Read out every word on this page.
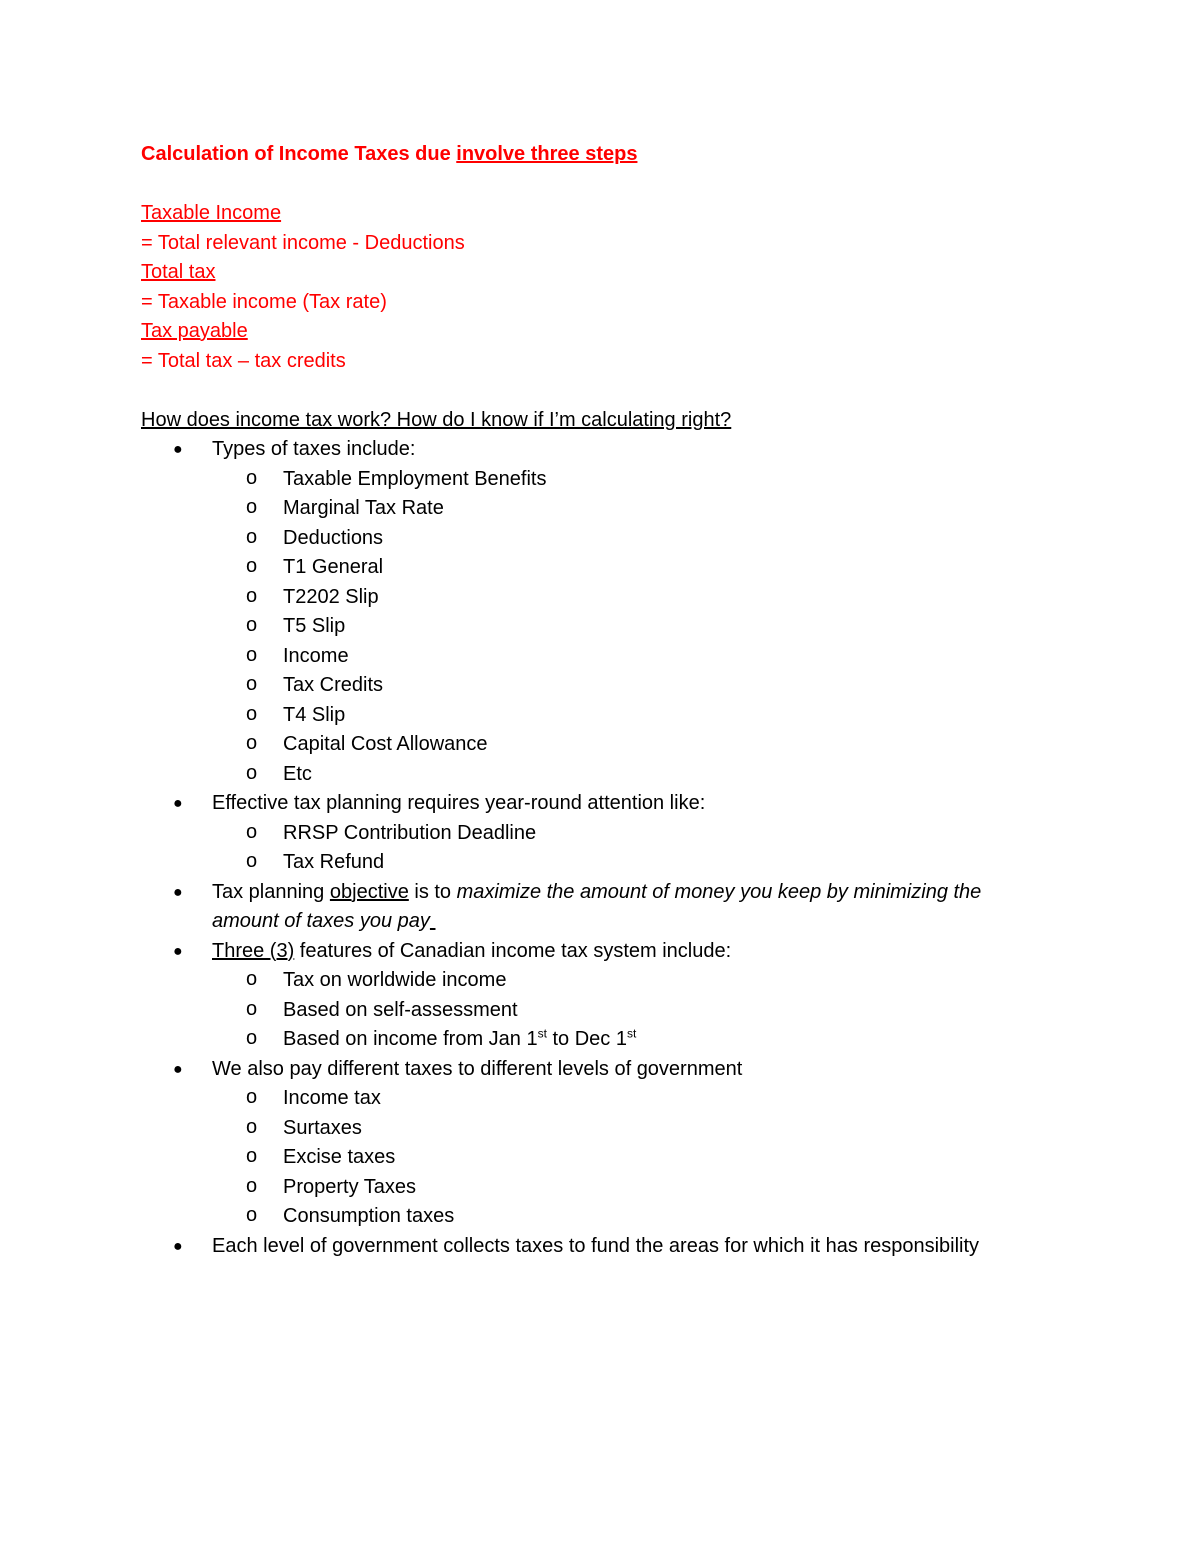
Calculation of Income Taxes due involve three steps
Taxable Income
= Total relevant income - Deductions
Total tax
= Taxable income (Tax rate)
Tax payable
= Total tax – tax credits
How does income tax work? How do I know if I’m calculating right?
● Types of taxes include:
o Taxable Employment Benefits
o Marginal Tax Rate
o Deductions
o T1 General
o T2202 Slip
o T5 Slip
o Income
o Tax Credits
o T4 Slip
o Capital Cost Allowance
o Etc
● Effective tax planning requires year-round attention like:
o RRSP Contribution Deadline
o Tax Refund
● Tax planning objective is to maximize the amount of money you keep by minimizing the
amount of taxes you pay
● Three (3) features of Canadian income tax system include:
o Tax on worldwide income
o Based on self-assessment
o Based on income from Jan 1st to Dec 1st
● We also pay different taxes to different levels of government
o Income tax
o Surtaxes
o Excise taxes
o Property Taxes
o Consumption taxes
● Each level of government collects taxes to fund the areas for which it has responsibility
